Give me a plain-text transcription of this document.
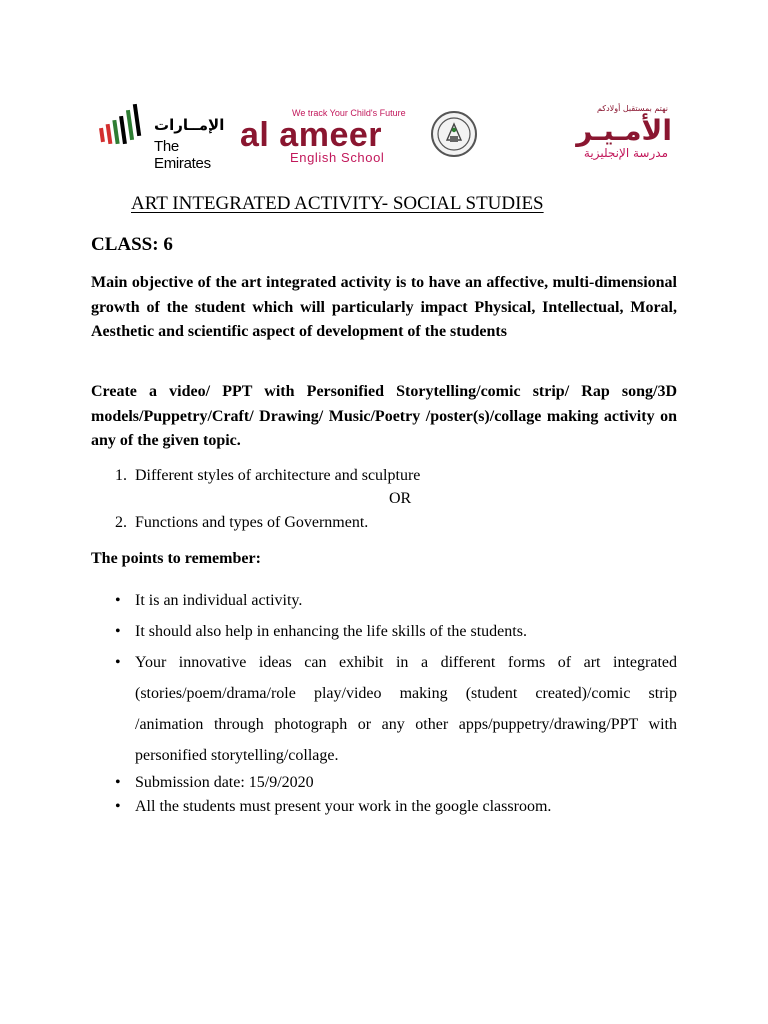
الإمــارات
The Emirates
We track Your Child's Future
al ameer
English School
نهتم بمستقبل أولادكم
الأمـيـر
مدرسة الإنجليزية
ART INTEGRATED ACTIVITY- SOCIAL STUDIES
CLASS: 6
Main objective of the art integrated activity is to have an affective, multi-dimensional growth of the student which will particularly impact Physical, Intellectual, Moral, Aesthetic and scientific aspect of development of the students
Create a video/ PPT with Personified Storytelling/comic strip/ Rap song/3D models/Puppetry/Craft/ Drawing/ Music/Poetry /poster(s)/collage making activity on any of the given topic.
1. Different styles of architecture and sculpture
OR
2. Functions and types of Government.
The points to remember:
• It is an individual activity.
• It should also help in enhancing the life skills of the students.
• Your innovative ideas can exhibit in a different forms of art integrated (stories/poem/drama/role play/video making (student created)/comic strip /animation through photograph or any other apps/puppetry/drawing/PPT with personified storytelling/collage.
• Submission date: 15/9/2020
• All the students must present your work in the google classroom.
